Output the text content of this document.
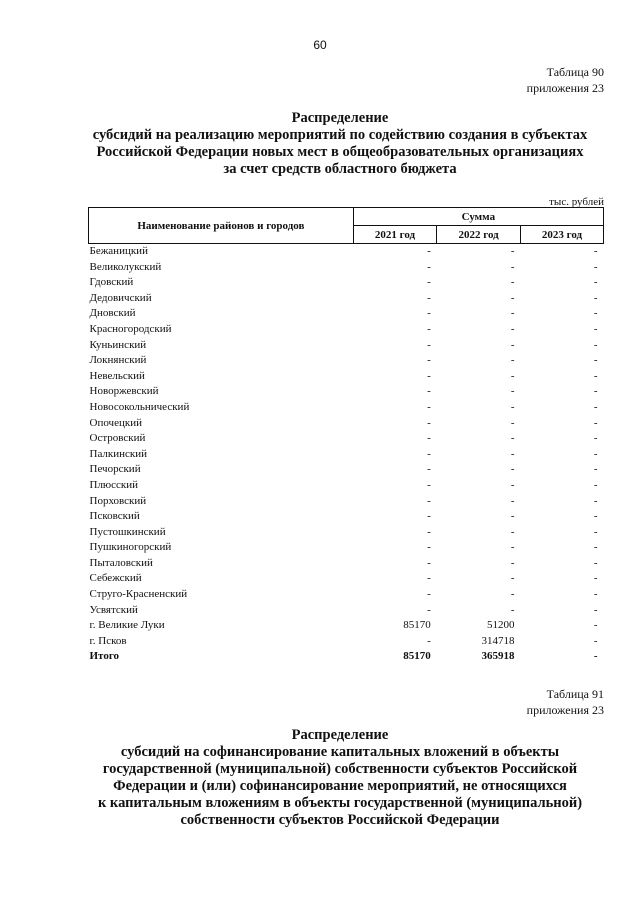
60
Таблица 90
приложения 23
Распределение
субсидий на реализацию мероприятий по содействию создания в субъектах
Российской Федерации новых мест в общеобразовательных организациях
за счет средств областного бюджета
тыс. рублей
Наименование районов и городов	Сумма		
	2021 год	2022 год	2023 год
Бежаницкий	-	-	-
Великолукский	-	-	-
Гдовский	-	-	-
Дедовичский	-	-	-
Дновский	-	-	-
Красногородский	-	-	-
Куньинский	-	-	-
Локнянский	-	-	-
Невельский	-	-	-
Новоржевский	-	-	-
Новосокольнический	-	-	-
Опочецкий	-	-	-
Островский	-	-	-
Палкинский	-	-	-
Печорский	-	-	-
Плюсский	-	-	-
Порховский	-	-	-
Псковский	-	-	-
Пустошкинский	-	-	-
Пушкиногорский	-	-	-
Пыталовский	-	-	-
Себежский	-	-	-
Струго-Красненский	-	-	-
Усвятский	-	-	-
г. Великие Луки	85170	51200	-
г. Псков	-	314718	-
Итого	85170	365918	-
Таблица 91
приложения 23
Распределение
субсидий на софинансирование капитальных вложений в объекты
государственной (муниципальной) собственности субъектов Российской
Федерации и (или) софинансирование мероприятий, не относящихся
к капитальным вложениям в объекты государственной (муниципальной)
собственности субъектов Российской Федерации
